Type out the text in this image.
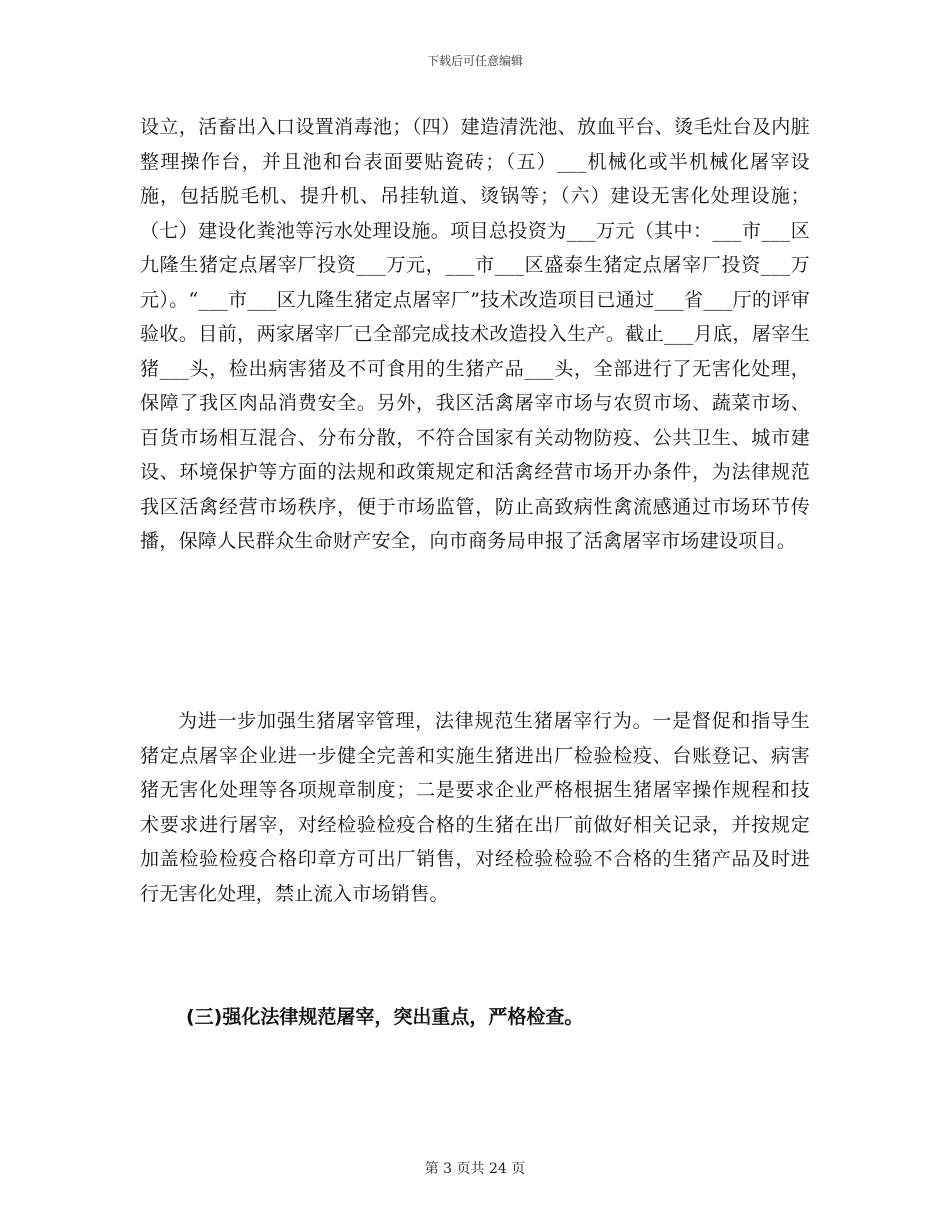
下载后可任意编辑

设立，活畜出入口设置消毒池；（四）建造清洗池、放血平台、烫毛灶台及内脏整理操作台，并且池和台表面要贴瓷砖；（五）___机械化或半机械化屠宰设施，包括脱毛机、提升机、吊挂轨道、烫锅等；（六）建设无害化处理设施；（七）建设化粪池等污水处理设施。项目总投资为___万元（其中：___市___区九隆生猪定点屠宰厂投资___万元，___市___区盛泰生猪定点屠宰厂投资___万元）。“___市___区九隆生猪定点屠宰厂”技术改造项目已通过___省___厅的评审验收。目前，两家屠宰厂已全部完成技术改造投入生产。截止___月底，屠宰生猪___头，检出病害猪及不可食用的生猪产品___头，全部进行了无害化处理，保障了我区肉品消费安全。另外，我区活禽屠宰市场与农贸市场、蔬菜市场、百货市场相互混合、分布分散，不符合国家有关动物防疫、公共卫生、城市建设、环境保护等方面的法规和政策规定和活禽经营市场开办条件，为法律规范我区活禽经营市场秩序，便于市场监管，防止高致病性禽流感通过市场环节传播，保障人民群众生命财产安全，向市商务局申报了活禽屠宰市场建设项目。

为进一步加强生猪屠宰管理，法律规范生猪屠宰行为。一是督促和指导生猪定点屠宰企业进一步健全完善和实施生猪进出厂检验检疫、台账登记、病害猪无害化处理等各项规章制度；二是要求企业严格根据生猪屠宰操作规程和技术要求进行屠宰，对经检验检疫合格的生猪在出厂前做好相关记录，并按规定加盖检验检疫合格印章方可出厂销售，对经检验检验不合格的生猪产品及时进行无害化处理，禁止流入市场销售。

(三)强化法律规范屠宰，突出重点，严格检查。

第 3 页共 24 页
